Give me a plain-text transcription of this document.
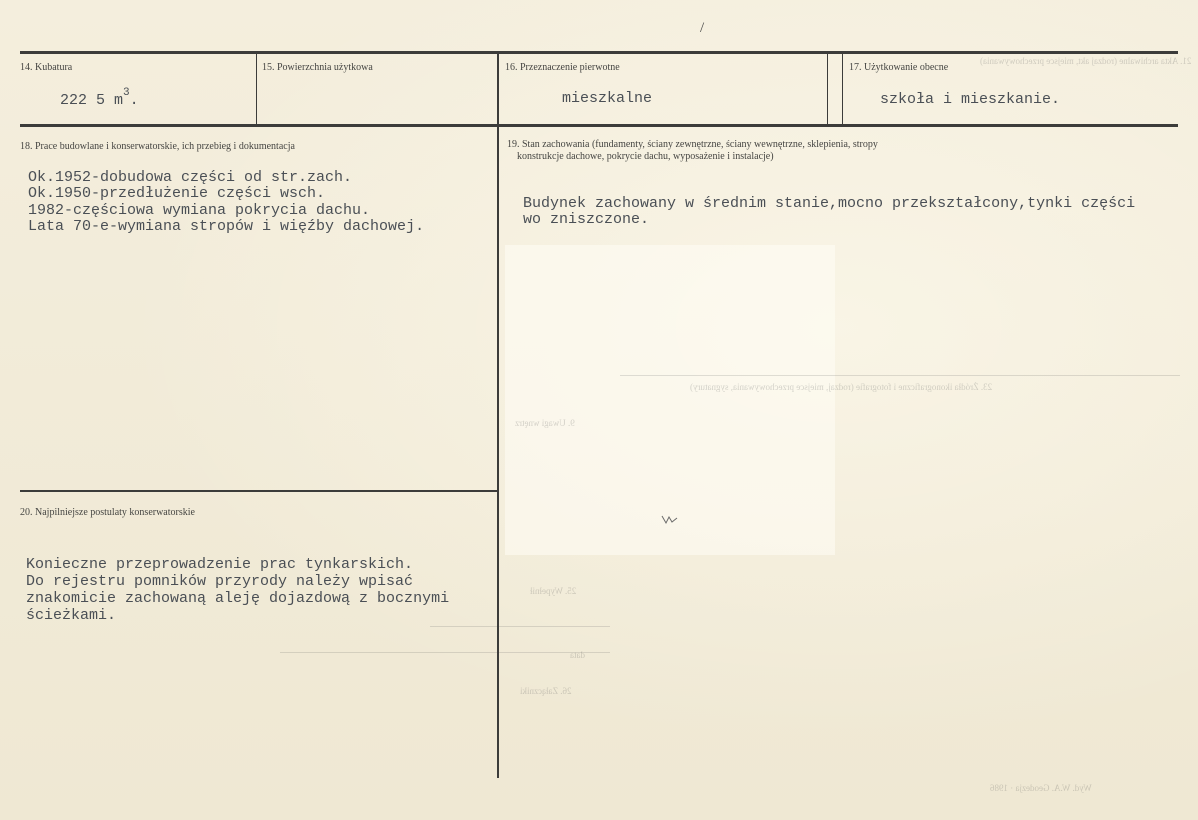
21. Akta archiwalne (rodzaj akt, miejsce przechowywania)
23. Źródła ikonograficzne i fotografie (rodzaj, miejsce przechowywania, sygnatury)
9. Uwagi wnętrz
25. Wypełnił
data
26. Załączniki
Wyd. W.A. Geodezja · 1986
/
14. Kubatura
222 5 $m^3$.
15. Powierzchnia użytkowa	16. Przeznaczenie pierwotne
mieszkalne
17. Użytkowanie obecne
szkoła i mieszkanie.
18. Prace budowlane i konserwatorskie, ich przebieg i dokumentacja
Ok.1952-dobudowa części od str.zach.
Ok.1950-przedłużenie części wsch.
1982-częściowa wymiana pokrycia dachu.
Lata 70-e-wymiana stropów i więźby dachowej.
19. Stan zachowania (fundamenty, ściany zewnętrzne, ściany wewnętrzne, sklepienia, stropy
konstrukcje dachowe, pokrycie dachu, wyposażenie i instalacje)
Budynek zachowany w średnim stanie,mocno przekształcony,tynki części
wo zniszczone.
20. Najpilniejsze postulaty konserwatorskie
Konieczne przeprowadzenie prac tynkarskich.
Do rejestru pomników przyrody należy wpisać
znakomicie zachowaną aleję dojazdową z bocznymi
ścieżkami.
